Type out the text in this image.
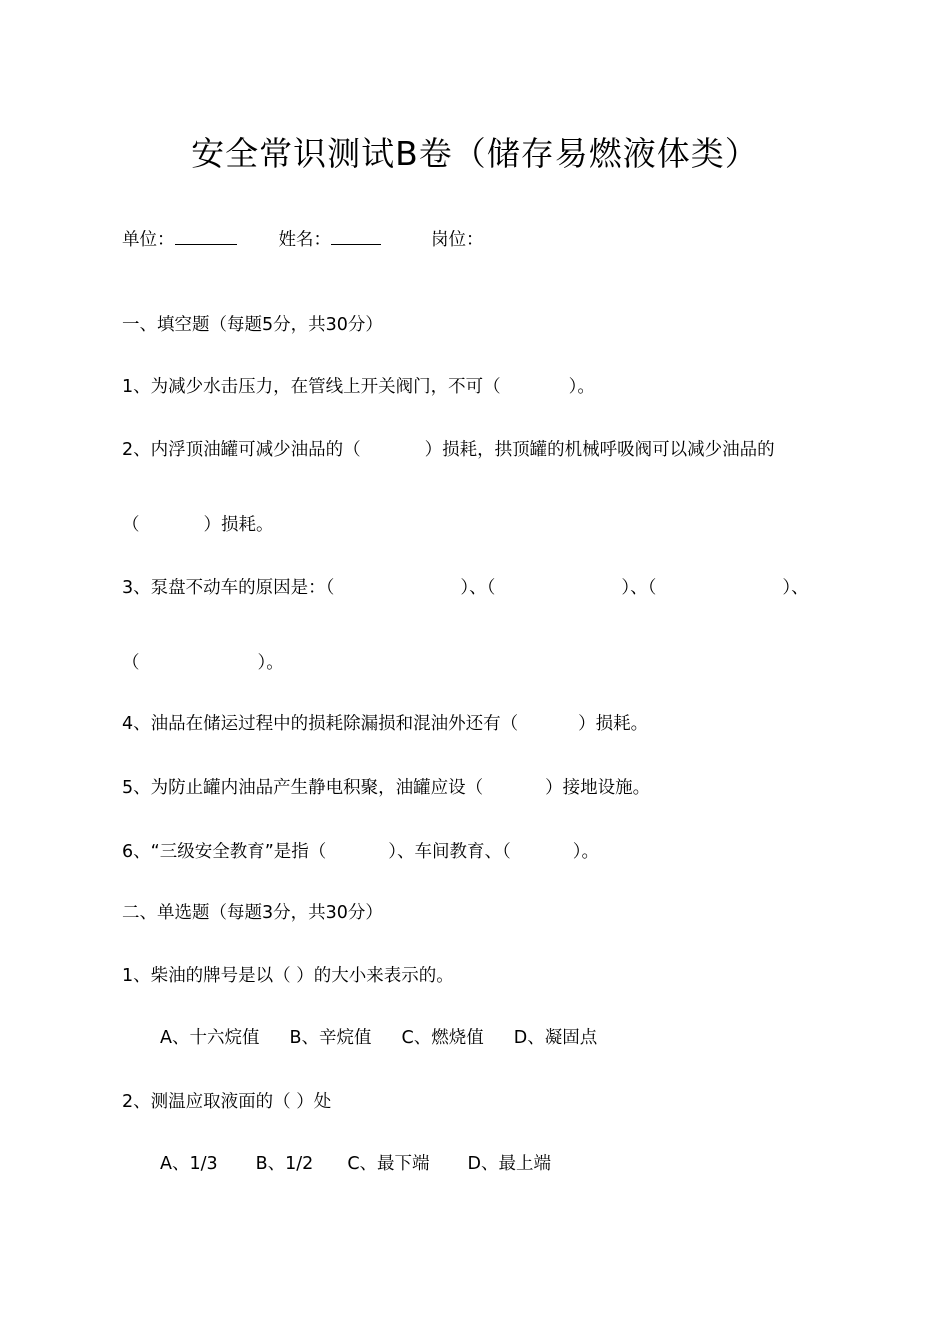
安全常识测试B卷（储存易燃液体类）
单位：	姓名：	岗位：
一、填空题（每题5分，共30分）
1、为减少水击压力，在管线上开关阀门，不可（	）。
2、内浮顶油罐可减少油品的（	）损耗，拱顶罐的机械呼吸阀可以减少油品的
（	）损耗。
3、泵盘不动车的原因是：（	）、（	）、（	）、
（	）。
4、油品在储运过程中的损耗除漏损和混油外还有（	）损耗。
5、为防止罐内油品产生静电积聚，油罐应设（	）接地设施。
6、“三级安全教育”是指（	）、车间教育、（	）。
二、单选题（每题3分，共30分）
1、柴油的牌号是以（ ）的大小来表示的。
A、十六烷值 B、辛烷值 C、燃烧值 D、凝固点
2、测温应取液面的（ ）处
A、1/3 B、1/2 C、最下端 D、最上端
